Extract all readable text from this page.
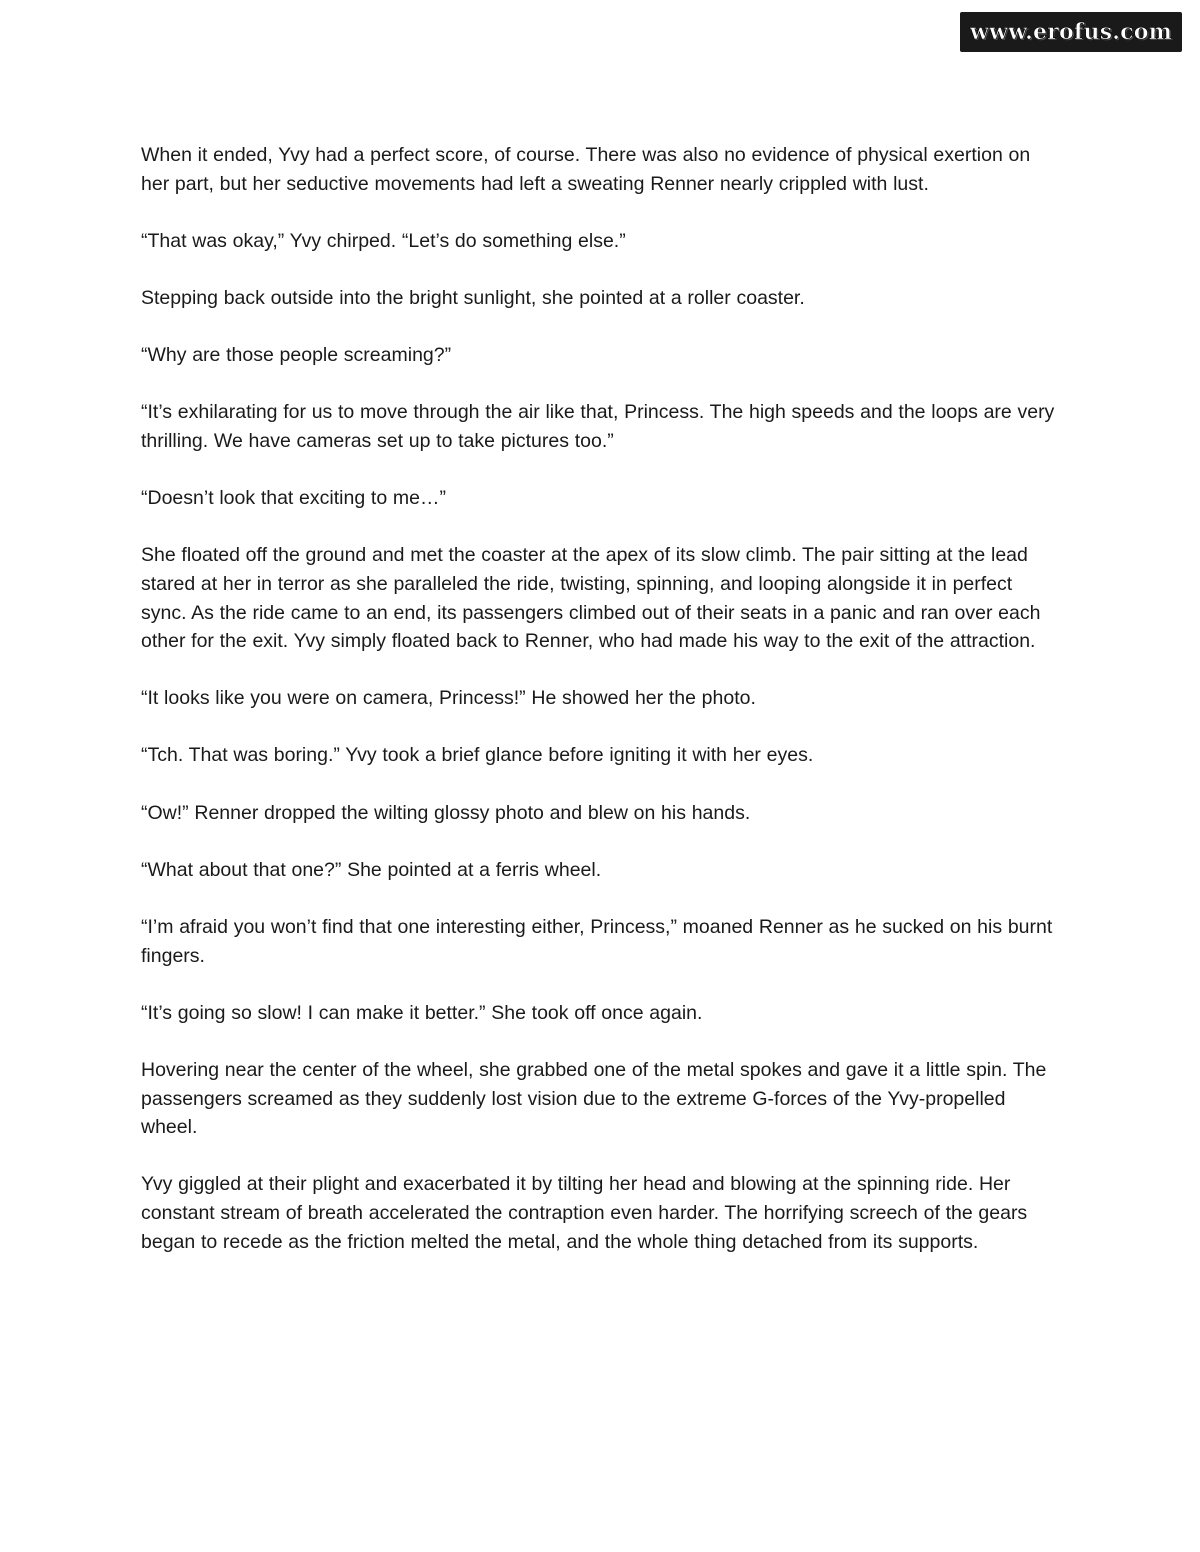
www.erofus.com

When it ended, Yvy had a perfect score, of course. There was also no evidence of physical exertion on her part, but her seductive movements had left a sweating Renner nearly crippled with lust.

“That was okay,” Yvy chirped. “Let’s do something else.”

Stepping back outside into the bright sunlight, she pointed at a roller coaster.

“Why are those people screaming?”

“It’s exhilarating for us to move through the air like that, Princess. The high speeds and the loops are very thrilling. We have cameras set up to take pictures too.”

“Doesn’t look that exciting to me…”

She floated off the ground and met the coaster at the apex of its slow climb. The pair sitting at the lead stared at her in terror as she paralleled the ride, twisting, spinning, and looping alongside it in perfect sync. As the ride came to an end, its passengers climbed out of their seats in a panic and ran over each other for the exit. Yvy simply floated back to Renner, who had made his way to the exit of the attraction.

“It looks like you were on camera, Princess!” He showed her the photo.

“Tch. That was boring.” Yvy took a brief glance before igniting it with her eyes.

“Ow!” Renner dropped the wilting glossy photo and blew on his hands.

“What about that one?” She pointed at a ferris wheel.

“I’m afraid you won’t find that one interesting either, Princess,” moaned Renner as he sucked on his burnt fingers.

“It’s going so slow! I can make it better.” She took off once again.

Hovering near the center of the wheel, she grabbed one of the metal spokes and gave it a little spin. The passengers screamed as they suddenly lost vision due to the extreme G-forces of the Yvy-propelled wheel.

Yvy giggled at their plight and exacerbated it by tilting her head and blowing at the spinning ride. Her constant stream of breath accelerated the contraption even harder. The horrifying screech of the gears began to recede as the friction melted the metal, and the whole thing detached from its supports.
